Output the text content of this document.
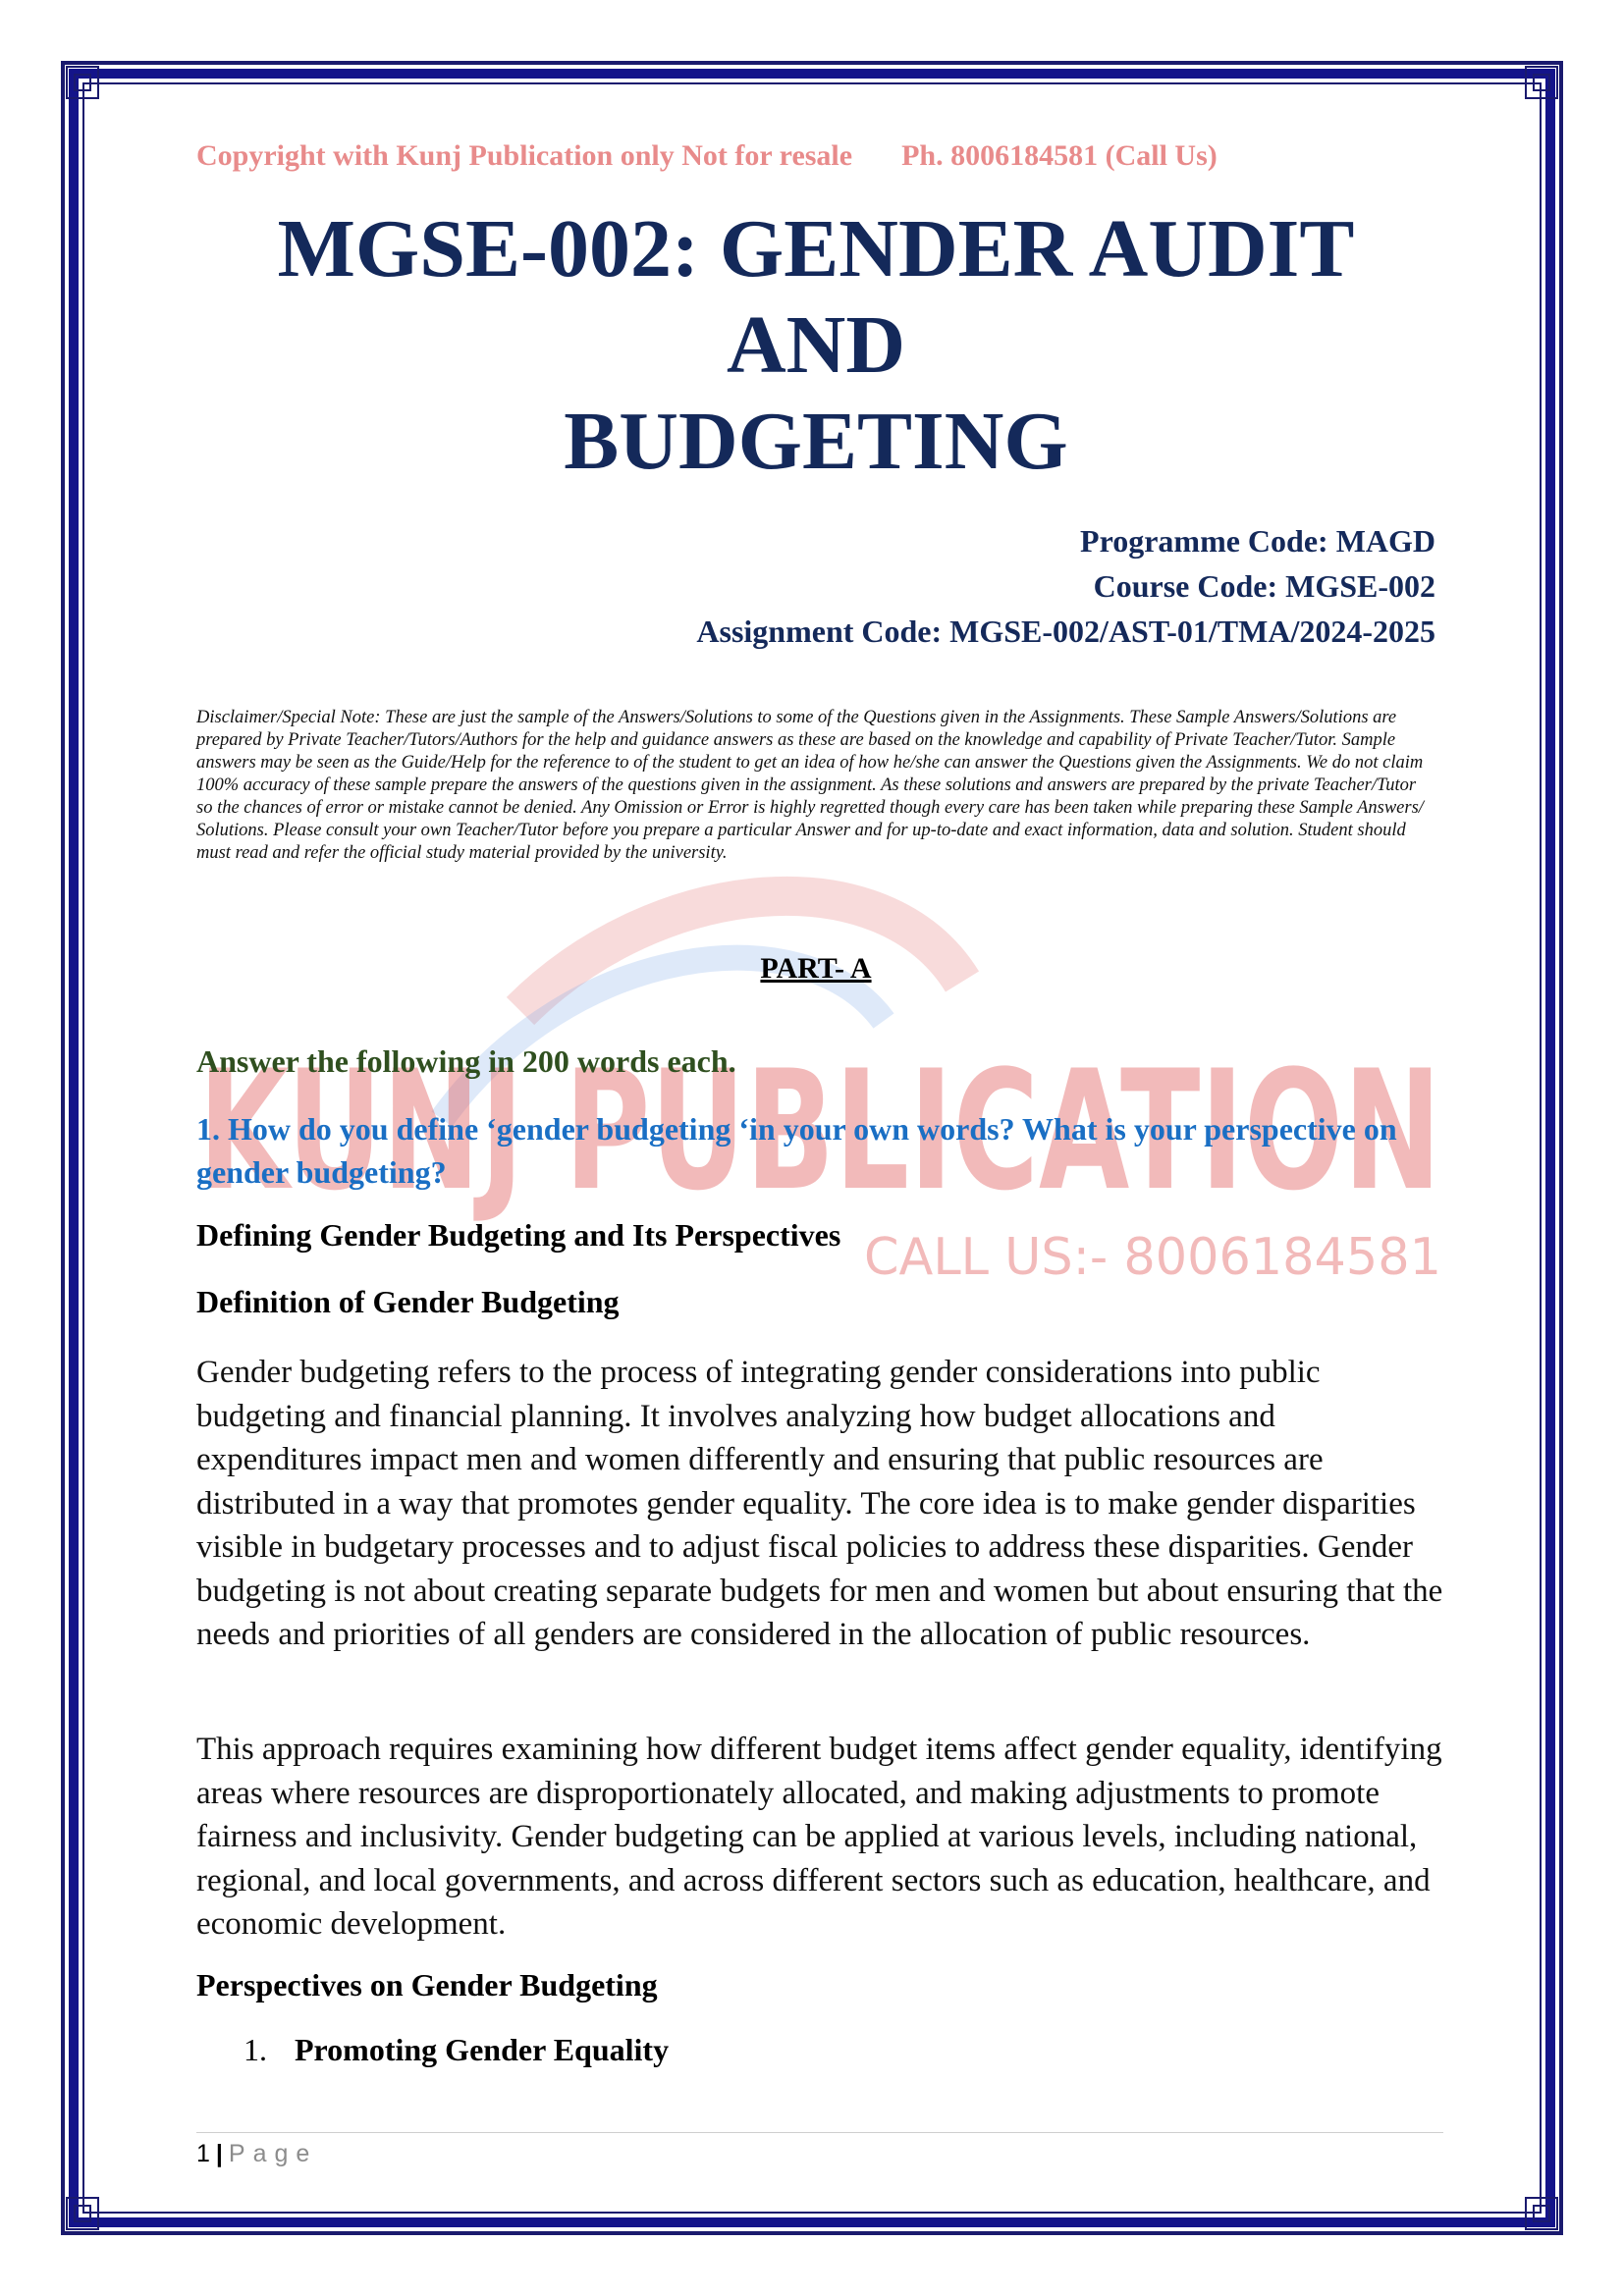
KUNJ PUBLICATION
CALL US:- 8006184581
Copyright with Kunj Publication only Not for resale Ph. 8006184581 (Call Us)
MGSE-002: GENDER AUDIT AND
BUDGETING
Programme Code: MAGD
Course Code: MGSE-002
Assignment Code: MGSE-002/AST-01/TMA/2024-2025
Disclaimer/Special Note: These are just the sample of the Answers/Solutions to some of the Questions given in the Assignments. These Sample Answers/Solutions are prepared by Private Teacher/Tutors/Authors for the help and guidance answers as these are based on the knowledge and capability of Private Teacher/Tutor. Sample answers may be seen as the Guide/Help for the reference to of the student to get an idea of how he/she can answer the Questions given the Assignments. We do not claim 100% accuracy of these sample prepare the answers of the questions given in the assignment. As these solutions and answers are prepared by the private Teacher/Tutor so the chances of error or mistake cannot be denied. Any Omission or Error is highly regretted though every care has been taken while preparing these Sample Answers/ Solutions. Please consult your own Teacher/Tutor before you prepare a particular Answer and for up-to-date and exact information, data and solution. Student should must read and refer the official study material provided by the university.
PART- A
Answer the following in 200 words each.
1. How do you define ‘gender budgeting ‘in your own words? What is your perspective on gender budgeting?
Defining Gender Budgeting and Its Perspectives
Definition of Gender Budgeting
Gender budgeting refers to the process of integrating gender considerations into public budgeting and financial planning. It involves analyzing how budget allocations and expenditures impact men and women differently and ensuring that public resources are distributed in a way that promotes gender equality. The core idea is to make gender disparities visible in budgetary processes and to adjust fiscal policies to address these disparities. Gender budgeting is not about creating separate budgets for men and women but about ensuring that the needs and priorities of all genders are considered in the allocation of public resources.
This approach requires examining how different budget items affect gender equality, identifying areas where resources are disproportionately allocated, and making adjustments to promote fairness and inclusivity. Gender budgeting can be applied at various levels, including national, regional, and local governments, and across different sectors such as education, healthcare, and economic development.
Perspectives on Gender Budgeting
1. Promoting Gender Equality
1 | Page
